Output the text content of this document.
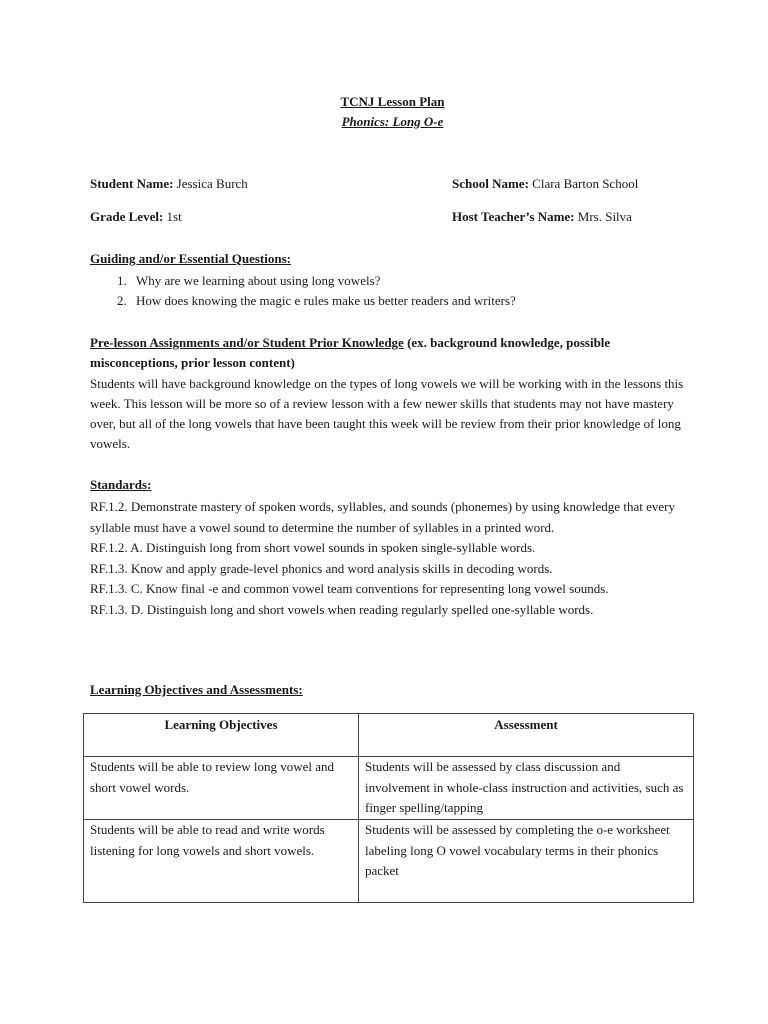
TCNJ Lesson Plan
Phonics: Long O-e
Student Name: Jessica Burch	School Name: Clara Barton School
Grade Level: 1st	Host Teacher’s Name: Mrs. Silva
Guiding and/or Essential Questions:
1. Why are we learning about using long vowels?
2. How does knowing the magic e rules make us better readers and writers?
Pre-lesson Assignments and/or Student Prior Knowledge (ex. background knowledge, possible misconceptions, prior lesson content)
Students will have background knowledge on the types of long vowels we will be working with in the lessons this week. This lesson will be more so of a review lesson with a few newer skills that students may not have mastery over, but all of the long vowels that have been taught this week will be review from their prior knowledge of long vowels.
Standards:
RF.1.2. Demonstrate mastery of spoken words, syllables, and sounds (phonemes) by using knowledge that every syllable must have a vowel sound to determine the number of syllables in a printed word.
RF.1.2. A. Distinguish long from short vowel sounds in spoken single-syllable words.
RF.1.3. Know and apply grade-level phonics and word analysis skills in decoding words.
RF.1.3. C. Know final -e and common vowel team conventions for representing long vowel sounds.
RF.1.3. D. Distinguish long and short vowels when reading regularly spelled one-syllable words.
Learning Objectives and Assessments:
Learning Objectives	Assessment
Students will be able to review long vowel and short vowel words.	Students will be assessed by class discussion and involvement in whole-class instruction and activities, such as finger spelling/tapping
Students will be able to read and write words listening for long vowels and short vowels.	Students will be assessed by completing the o-e worksheet labeling long O vowel vocabulary terms in their phonics packet
